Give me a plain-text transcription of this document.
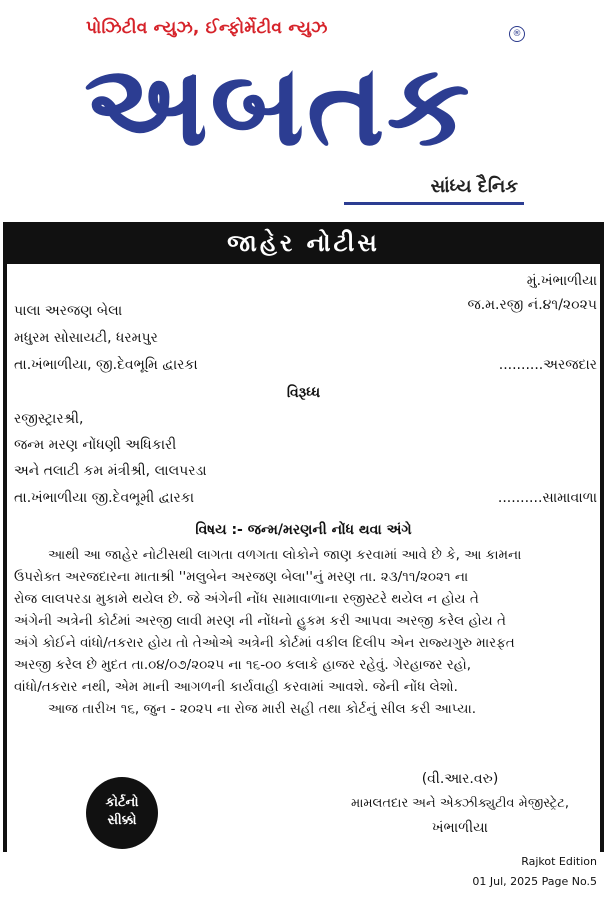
પોઝિટીવ ન્યુઝ, ઈન્ફોર્મેટીવ ન્યુઝ	®
અબતક
સાંધ્ય દૈનિક
જાહેર નોટીસ
મું.ખંભાળીયા
જ.મ.રજી નં.૪૧/૨૦૨૫
પાલા અરજણ બેલા
મધુરમ સોસાયટી, ધરમપુર
તા.ખંભાળીયા, જી.દેવભૂમિ દ્વારકા	..........અરજદાર
વિરૂધ્ધ
રજીસ્ટ્રારશ્રી,
જન્મ મરણ નોંધણી અધિકારી
અને તલાટી કમ મંત્રીશ્રી, લાલપરડા
તા.ખંભાળીયા જી.દેવભૂમી દ્વારકા	..........સામાવાળા
વિષય :- જન્મ/મરણની નોંધ થવા અંગે
આથી આ જાહેર નોટીસથી લાગતા વળગતા લોકોને જાણ કરવામાં આવે છે કે, આ કામના
ઉપરોક્ત અરજદારના માતાશ્રી ''મલુબેન અરજણ બેલા''નું મરણ તા. ૨૩/૧૧/૨૦૨૧ ના
રોજ લાલપરડા મુકામે થયેલ છે. જે અંગેની નોંધ સામાવાળાના રજીસ્ટરે થયેલ ન હોય તે
અંગેની અત્રેની કોર્ટમાં અરજી લાવી મરણ ની નોંધનો હુકમ કરી આપવા અરજી કરેલ હોય તે
અંગે કોઈને વાંધો/તકરાર હોય તો તેઓએ અત્રેની કોર્ટમાં વકીલ દિલીપ એન રાજ્યગુરુ મારફત
અરજી કરેલ છે મુદત તા.૦૪/૦૭/૨૦૨૫ ના ૧૬-૦૦ કલાકે હાજર રહેવું. ગેરહાજર રહો,
વાંધો/તકરાર નથી, એમ માની આગળની કાર્યવાહી કરવામાં આવશે. જેની નોંધ લેશો.
આજ તારીખ ૧૬, જુન - ૨૦૨૫ ના રોજ મારી સહી તથા કોર્ટનું સીલ કરી આપ્યા.
કોર્ટનો
સીક્કો
(વી.આર.વરુ)
મામલતદાર અને એક્ઝીક્યુટીવ મેજીસ્ટ્રેટ,
ખંભાળીયા
Rajkot Edition
01 Jul, 2025 Page No.5
